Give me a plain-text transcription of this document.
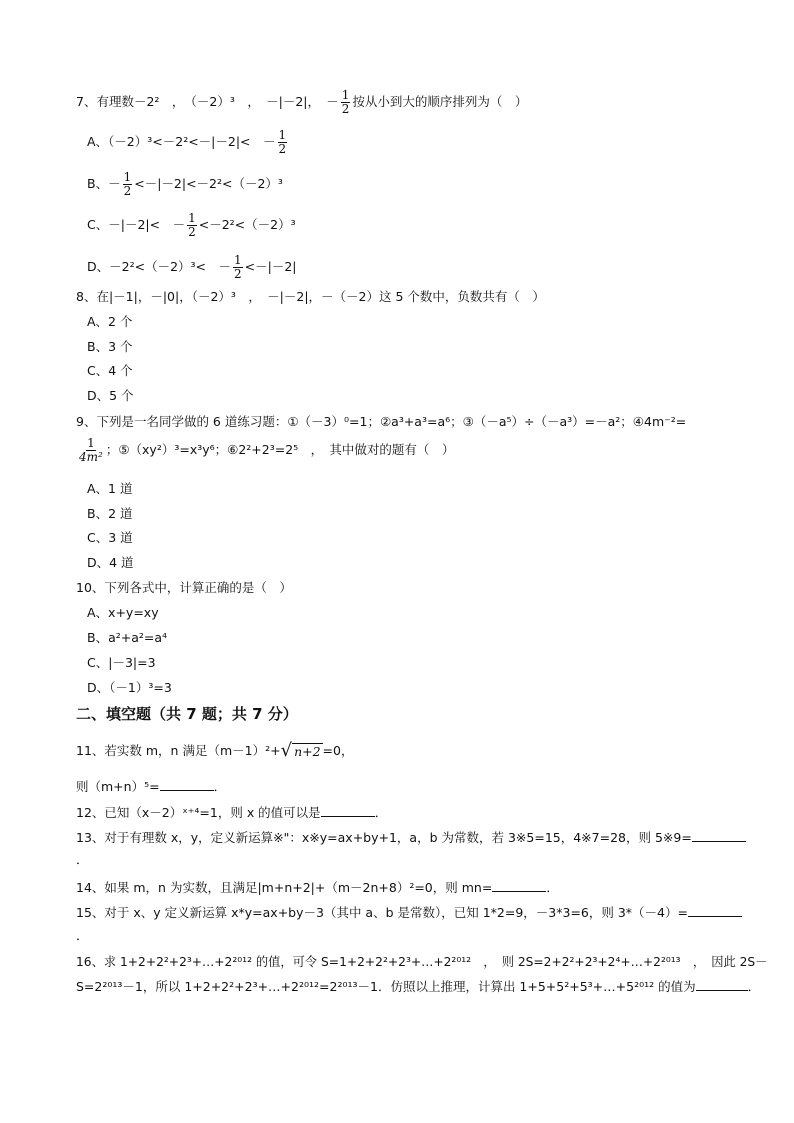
7、有理数－2²　，　（－2）³　，　－|－2|，　－ $\frac{1}{2}$ 按从小到大的顺序排列为（　）
A、（－2）³<－2²<－|－2|<　－ $\frac{1}{2}$
B、－ $\frac{1}{2} <-|-2|<-2^2<(-2)^3$
C、－|－2|<　－ $\frac{1}{2} <-2^2<(-2)^3$
D、－2²<（－2）³<　－ $\frac{1}{2} <-|-2|$
8、在|－1|，－|0|，（－2）³　，　－|－2|，－（－2）这 5 个数中，负数共有（　）
A、2 个
B、3 个
C、4 个
D、5 个
9、下列是一名同学做的 6 道练习题：①（－3）⁰=1；②a³+a³=a⁶；③（－a⁵）÷（－a³）=－a²；④4m⁻²=
$\frac{1}{\text{4m²}}$ ；⑤（xy²）³=x³y⁶；⑥2²+2³=2⁵　，　其中做对的题有（　）
A、1 道
B、2 道
C、3 道
D、4 道
10、下列各式中，计算正确的是（　）
A、x+y=xy
B、a²+a²=a⁴
C、|－3|=3
D、（－1）³=3
二、填空题（共 7 题；共 7 分）
11、若实数 m，n 满足（m－1）²+√ n+2 =0，
则（m+n）⁵=	．
12、已知（x－2）ˣ⁺⁴=1，则 x 的值可以是	．
13、对于有理数 x，y，定义新运算※"：x※y=ax+by+1，a，b 为常数，若 3※5=15，4※7=28，则 5※9=
．
14、如果 m，n 为实数，且满足|m+n+2|+（m－2n+8）²=0，则 mn=	．
15、对于 x、y 定义新运算 x*y=ax+by－3（其中 a、b 是常数），已知 1*2=9，－3*3=6，则 3*（－4）=
．
16、求 1+2+2²+2³+…+2²⁰¹² 的值，可令 S=1+2+2²+2³+…+2²⁰¹²　，　则 2S=2+2²+2³+2⁴+…+2²⁰¹³　，　因此 2S－
S=2²⁰¹³－1，所以 1+2+2²+2³+…+2²⁰¹²=2²⁰¹³－1．仿照以上推理，计算出 1+5+5²+5³+…+5²⁰¹² 的值为	．
